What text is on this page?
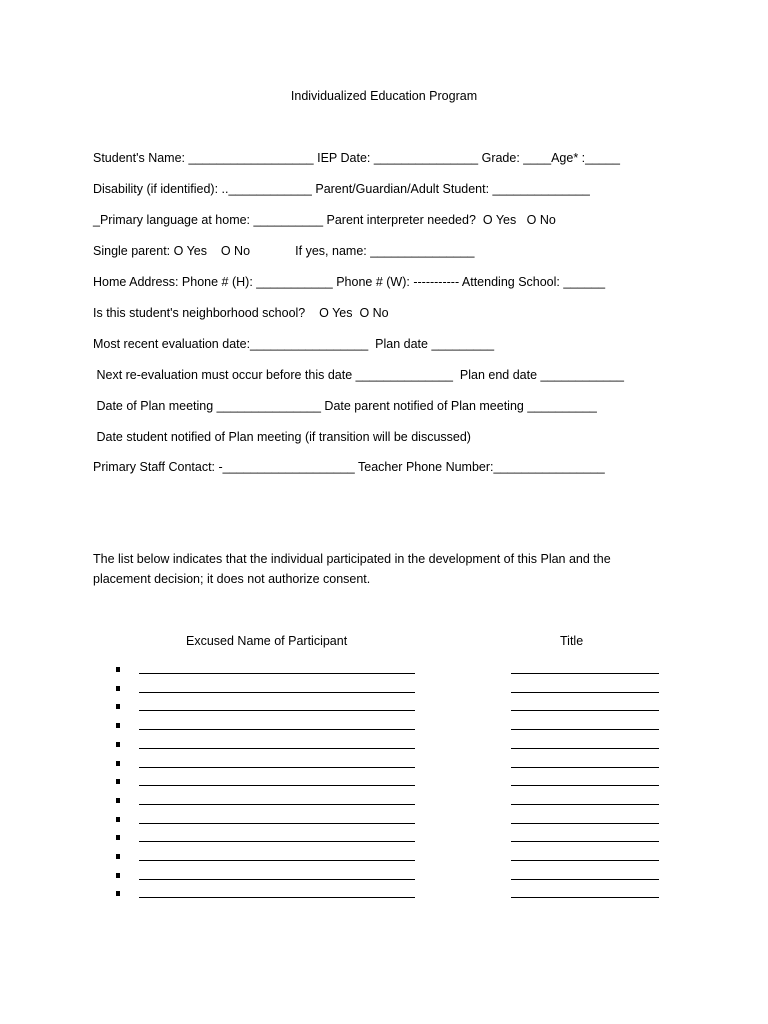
Individualized Education Program
Student's Name: __________________ IEP Date: _______________ Grade: ____Age* :_____
Disability (if identified): ..____________ Parent/Guardian/Adult Student: ______________
_Primary language at home: __________ Parent interpreter needed?  O Yes   O No
Single parent: O Yes    O No             If yes, name: _______________
Home Address: Phone # (H): ___________ Phone # (W): ----------- Attending School: ______
Is this student's neighborhood school?    O Yes  O No
Most recent evaluation date:_________________  Plan date _________
Next re-evaluation must occur before this date ______________  Plan end date ____________
Date of Plan meeting _______________ Date parent notified of Plan meeting __________
Date student notified of Plan meeting (if transition will be discussed)
Primary Staff Contact: -___________________ Teacher Phone Number:________________
The list below indicates that the individual participated in the development of this Plan and the placement decision; it does not authorize consent.
Excused Name of Participant	Title
